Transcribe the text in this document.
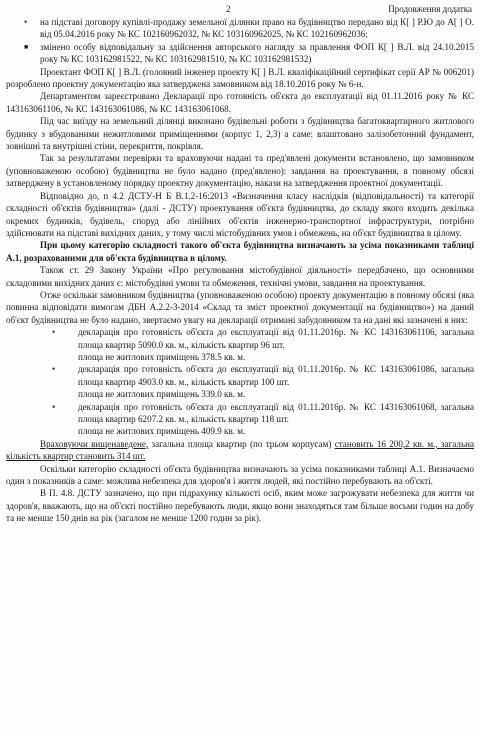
2	Продовження додатка

• на підставі договору купівлі-продажу земельної ділянки право на будівництво передано від К[ ] Р.Ю до А[ ] О. від 05.04.2016 року № КС 102160962032, № КС 103160962025, № КС 102160962036;

■ змінено особу відповідальну за здійснення авторського нагляду за правлення ФОП К[ ] В.Л. від 24.10.2015 року № КС 103162981522, № КС 103162981510, № КС 103162981532)

Проектант ФОП К[ ] В.Л. (головний інженер проекту К[ ] В.Л. кваліфікаційний сертифікат серії АР № 006201) розроблено проектну документацію яка затверджена замовником від 18.10.2016 року № 6-н.

Департаментом зареєстровано Декларації про готовність об'єкта до експлуатації від 01.11.2016 року № КС 143163061106, № КС 143163061086, № КС 143163061068.

Під час виїзду на земельний ділянці виконано будівельні роботи з будівництва багатоквартирного житлового будинку з вбудованими нежитловими приміщеннями (корпус 1, 2,3) а саме: влаштовано залізобетонний фундамент, зовнішні та внутрішні стіни, перекриття, покрівля.

Так за результатами перевірки та враховуючи надані та пред'явлені документи встановлено, що замовником (уповноваженою особою) будівництва не було надано (пред'явлено): завдання на проектування, в повному обсязі затверджену в установленому порядку проектну документацію, накази на затвердження проектної документації.

Відповідно до, п 4.2 ДСТУ-Н Б В.1.2-16:2013 «Визначення класу наслідків (відповідальності) та категорії складності об'єктів будівництва» (далі - ДСТУ) проектування об'єкта будівництва, до складу якого входить декілька окремих будинків, будівель, споруд або лінійних об'єктів інженерно-транспортної інфраструктури, потрібно здійснювати на підставі вихідних даних, у тому числі містобудівних умов і обмежень, на об'єкт будівництва в цілому.

При цьому категорію складності такого об'єкта будівництва визначають за усіма показниками таблиці А.1, розрахованими для об'єкта будівництва в цілому.

Також ст. 29 Закону України «Про регулювання містобудівної діяльності» передбачено, що основними складовими вихідних даних є: містобудівні умови та обмеження, технічні умови, завдання на проектування.

Отже оскільки замовником будівництва (уповноваженою особою) проекту документацію в повному обсязі (яка повинна відповідати вимогам ДБН А.2.2-3-2014 «Склад та зміст проектної документації на будівництво») на даний об'єкт будівництва не було надано, звертаємо увагу на декларації отримані забудовником та на дані які зазначені в них:

• декларація про готовність об'єкта до експлуатації від 01.11.2016р. № КС 143163061106, загальна площа квартир 5090.0 кв. м., кількість квартир 96 шт.

площа не житлових приміщень 378.5 кв. м.

• декларація про готовність об'єкта до експлуатації від 01.11.2016р. № КС 143163061086, загальна площа квартир 4903.0 кв. м., кількість квартир 100 шт.

площа не житлових приміщень 339.0 кв. м.

• декларація про готовність об'єкта до експлуатації від 01.11.2016р. № КС 143163061068, загальна площа квартир 6207.2 кв. м., кількість квартир 118 шт.

площа не житлових приміщень 409.9 кв. м.

Враховуючи вищенаведене, загальна площа квартир (по трьом корпусам) становить 16 200,2 кв. м., загальна кількість квартир становить 314 шт.

Оскільки категорію складності об'єкта будівництва визначають за усіма показниками таблиці А.1. Визначаємо один з показників а саме: можлива небезпека для здоров'я і життя людей, які постійно перебувають на об'єкті.

В П. 4.8. ДСТУ зазначено, що при підрахунку кількості осіб, яким може загрожувати небезпека для життя чи здоров'я, вважають, що на об'єкті постійно перебувають люди, якщо вони знаходяться там більше восьми годин на добу та не менше 150 днів на рік (загалом не менше 1200 годин за рік).
